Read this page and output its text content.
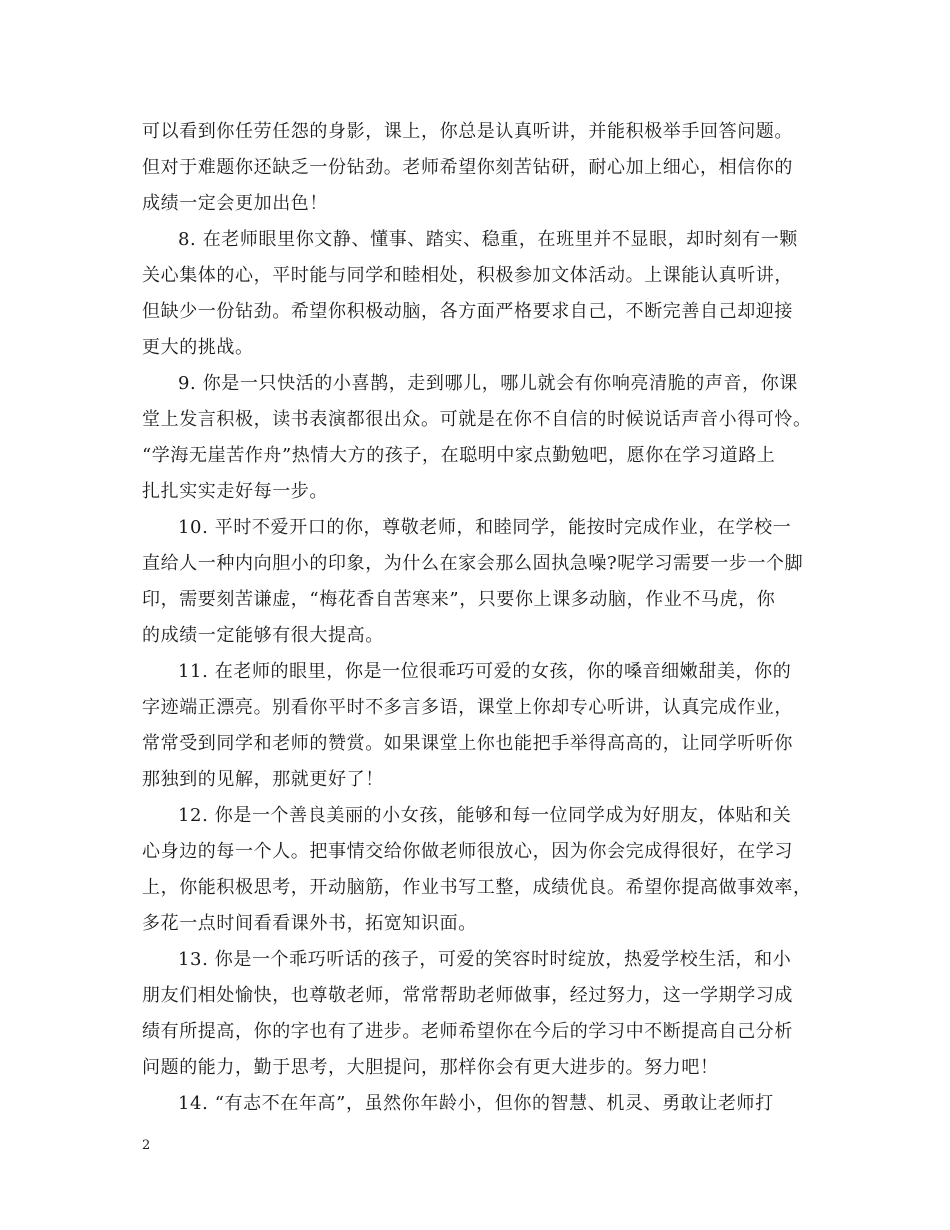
可以看到你任劳任怨的身影，课上，你总是认真听讲，并能积极举手回答问题。
但对于难题你还缺乏一份钻劲。老师希望你刻苦钻研，耐心加上细心，相信你的
成绩一定会更加出色！
8. 在老师眼里你文静、懂事、踏实、稳重，在班里并不显眼，却时刻有一颗
关心集体的心，平时能与同学和睦相处，积极参加文体活动。上课能认真听讲，
但缺少一份钻劲。希望你积极动脑，各方面严格要求自己，不断完善自己却迎接
更大的挑战。
9. 你是一只快活的小喜鹊，走到哪儿，哪儿就会有你响亮清脆的声音，你课
堂上发言积极，读书表演都很出众。可就是在你不自信的时候说话声音小得可怜。
“学海无崖苦作舟”热情大方的孩子，在聪明中家点勤勉吧，愿你在学习道路上
扎扎实实走好每一步。
10. 平时不爱开口的你，尊敬老师，和睦同学，能按时完成作业，在学校一
直给人一种内向胆小的印象，为什么在家会那么固执急噪?呢学习需要一步一个脚
印，需要刻苦谦虚，“梅花香自苦寒来”，只要你上课多动脑，作业不马虎，你
的成绩一定能够有很大提高。
11. 在老师的眼里，你是一位很乖巧可爱的女孩，你的嗓音细嫩甜美，你的
字迹端正漂亮。别看你平时不多言多语，课堂上你却专心听讲，认真完成作业，
常常受到同学和老师的赞赏。如果课堂上你也能把手举得高高的，让同学听听你
那独到的见解，那就更好了！
12. 你是一个善良美丽的小女孩，能够和每一位同学成为好朋友，体贴和关
心身边的每一个人。把事情交给你做老师很放心，因为你会完成得很好，在学习
上，你能积极思考，开动脑筋，作业书写工整，成绩优良。希望你提高做事效率，
多花一点时间看看课外书，拓宽知识面。
13. 你是一个乖巧听话的孩子，可爱的笑容时时绽放，热爱学校生活，和小
朋友们相处愉快，也尊敬老师，常常帮助老师做事，经过努力，这一学期学习成
绩有所提高，你的字也有了进步。老师希望你在今后的学习中不断提高自己分析
问题的能力，勤于思考，大胆提问，那样你会有更大进步的。努力吧！
14. “有志不在年高”，虽然你年龄小，但你的智慧、机灵、勇敢让老师打
2
